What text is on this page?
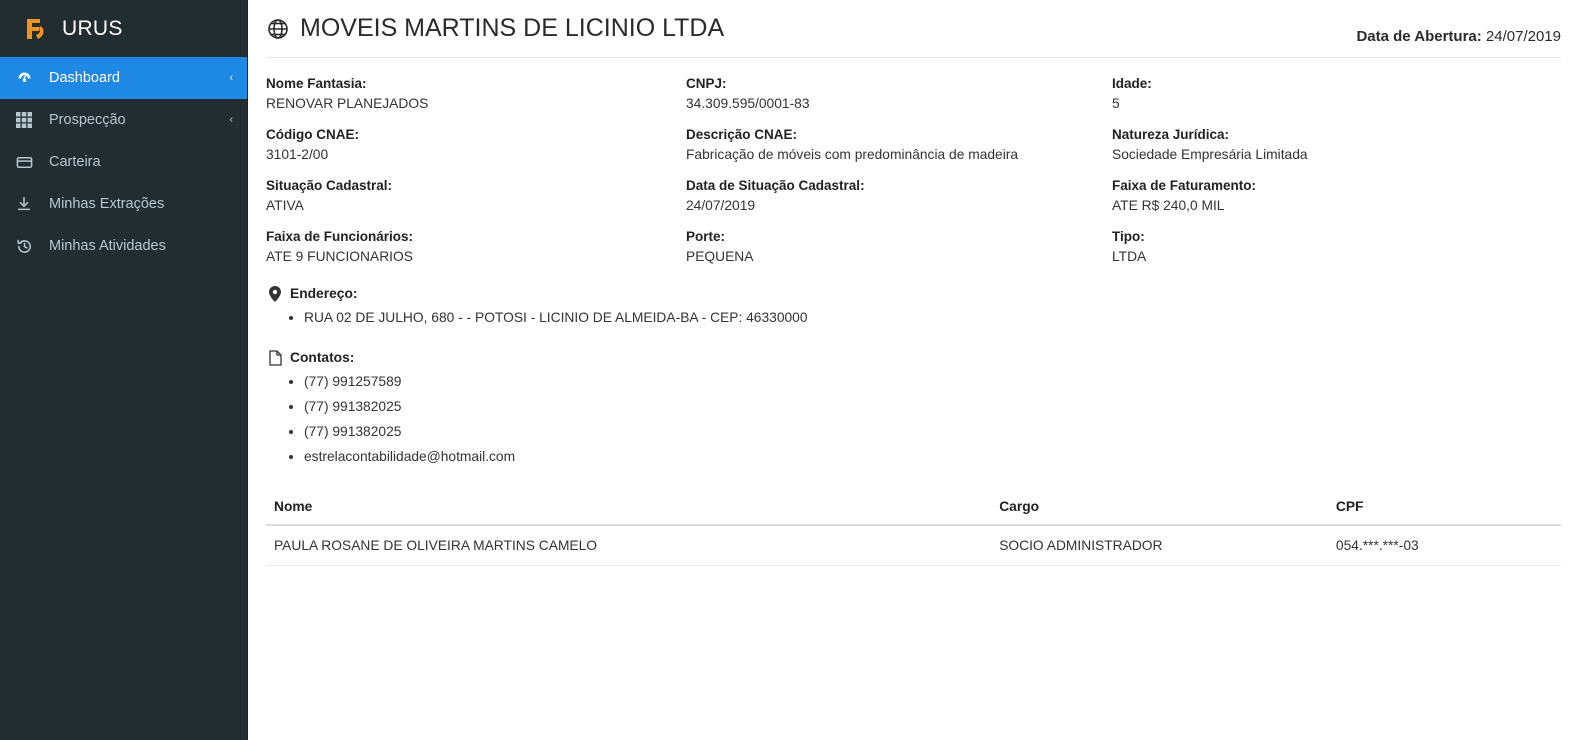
URUS
Dashboard	‹
Prospecção	‹
Carteira
Minhas Extrações
Minhas Atividades
MOVEIS MARTINS DE LICINIO LTDA	Data de Abertura: 24/07/2019
Nome Fantasia:
RENOVAR PLANEJADOS
CNPJ:
34.309.595/0001-83
Idade:
5
Código CNAE:
3101-2/00
Descrição CNAE:
Fabricação de móveis com predominância de madeira
Natureza Jurídica:
Sociedade Empresária Limitada
Situação Cadastral:
ATIVA
Data de Situação Cadastral:
24/07/2019
Faixa de Faturamento:
ATE R$ 240,0 MIL
Faixa de Funcionários:
ATE 9 FUNCIONARIOS
Porte:
PEQUENA
Tipo:
LTDA
Endereço:
• RUA 02 DE JULHO, 680 - - POTOSI - LICINIO DE ALMEIDA-BA - CEP: 46330000
Contatos:
• (77) 991257589
• (77) 991382025
• (77) 991382025
• estrelacontabilidade@hotmail.com
Nome	Cargo	CPF
PAULA ROSANE DE OLIVEIRA MARTINS CAMELO	SOCIO ADMINISTRADOR	054.***.***-03
